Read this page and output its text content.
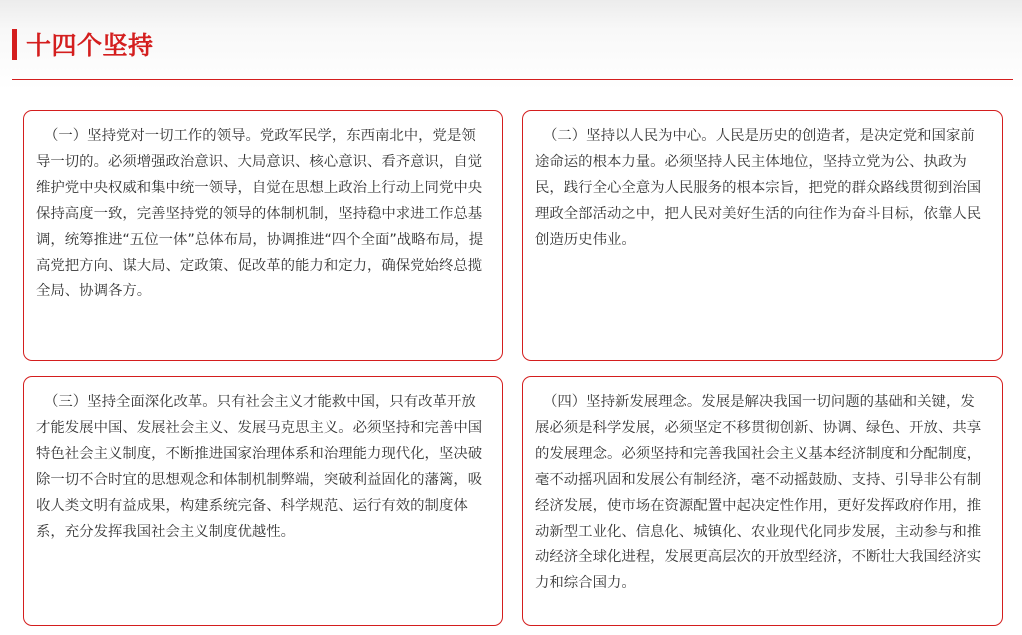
十四个坚持

（一）坚持党对一切工作的领导。党政军民学，东西南北中，党是领导一切的。必须增强政治意识、大局意识、核心意识、看齐意识，自觉维护党中央权威和集中统一领导，自觉在思想上政治上行动上同党中央保持高度一致，完善坚持党的领导的体制机制，坚持稳中求进工作总基调，统筹推进“五位一体”总体布局，协调推进“四个全面”战略布局，提高党把方向、谋大局、定政策、促改革的能力和定力，确保党始终总揽全局、协调各方。

（二）坚持以人民为中心。人民是历史的创造者，是决定党和国家前途命运的根本力量。必须坚持人民主体地位，坚持立党为公、执政为民，践行全心全意为人民服务的根本宗旨，把党的群众路线贯彻到治国理政全部活动之中，把人民对美好生活的向往作为奋斗目标，依靠人民创造历史伟业。

（三）坚持全面深化改革。只有社会主义才能救中国，只有改革开放才能发展中国、发展社会主义、发展马克思主义。必须坚持和完善中国特色社会主义制度，不断推进国家治理体系和治理能力现代化，坚决破除一切不合时宜的思想观念和体制机制弊端，突破利益固化的藩篱，吸收人类文明有益成果，构建系统完备、科学规范、运行有效的制度体系，充分发挥我国社会主义制度优越性。

（四）坚持新发展理念。发展是解决我国一切问题的基础和关键，发展必须是科学发展，必须坚定不移贯彻创新、协调、绿色、开放、共享的发展理念。必须坚持和完善我国社会主义基本经济制度和分配制度，毫不动摇巩固和发展公有制经济，毫不动摇鼓励、支持、引导非公有制经济发展，使市场在资源配置中起决定性作用，更好发挥政府作用，推动新型工业化、信息化、城镇化、农业现代化同步发展，主动参与和推动经济全球化进程，发展更高层次的开放型经济，不断壮大我国经济实力和综合国力。
